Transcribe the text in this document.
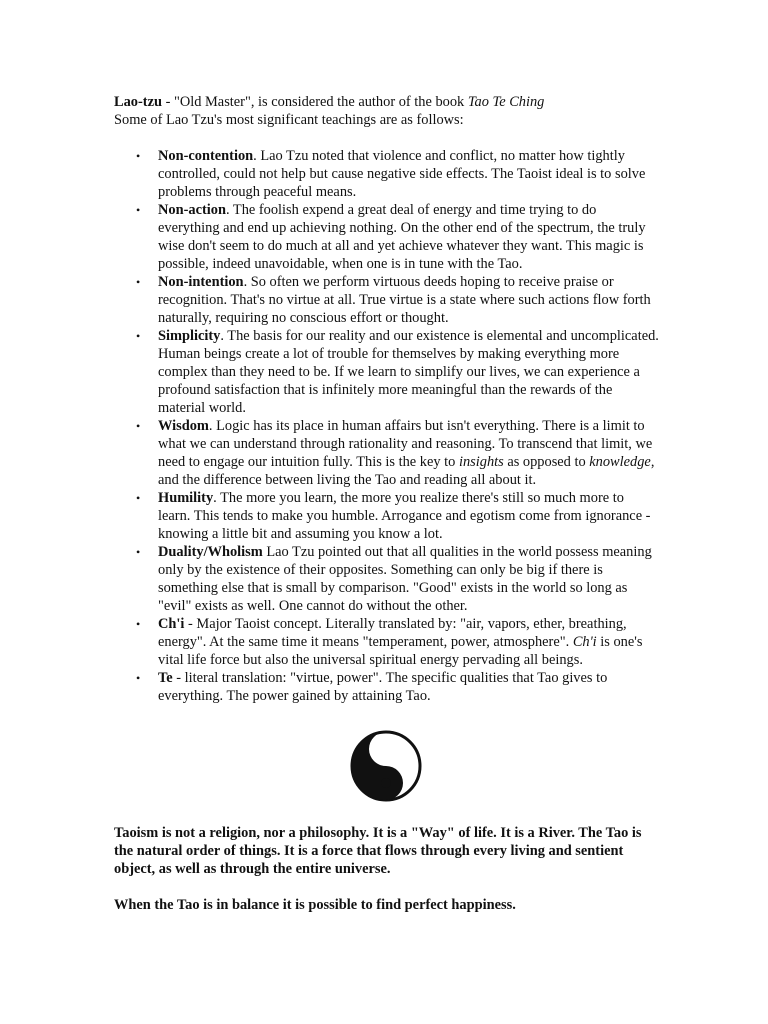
Lao-tzu - "Old Master", is considered the author of the book Tao Te Ching

Some of Lao Tzu's most significant teachings are as follows:

• Non-contention. Lao Tzu noted that violence and conflict, no matter how tightly controlled, could not help but cause negative side effects. The Taoist ideal is to solve problems through peaceful means.
• Non-action. The foolish expend a great deal of energy and time trying to do everything and end up achieving nothing. On the other end of the spectrum, the truly wise don't seem to do much at all and yet achieve whatever they want. This magic is possible, indeed unavoidable, when one is in tune with the Tao.
• Non-intention. So often we perform virtuous deeds hoping to receive praise or recognition. That's no virtue at all. True virtue is a state where such actions flow forth naturally, requiring no conscious effort or thought.
• Simplicity. The basis for our reality and our existence is elemental and uncomplicated. Human beings create a lot of trouble for themselves by making everything more complex than they need to be. If we learn to simplify our lives, we can experience a profound satisfaction that is infinitely more meaningful than the rewards of the material world.
• Wisdom. Logic has its place in human affairs but isn't everything. There is a limit to what we can understand through rationality and reasoning. To transcend that limit, we need to engage our intuition fully. This is the key to insights as opposed to knowledge, and the difference between living the Tao and reading all about it.
• Humility. The more you learn, the more you realize there's still so much more to learn. This tends to make you humble. Arrogance and egotism come from ignorance - knowing a little bit and assuming you know a lot.
• Duality/Wholism Lao Tzu pointed out that all qualities in the world possess meaning only by the existence of their opposites. Something can only be big if there is something else that is small by comparison. "Good" exists in the world so long as "evil" exists as well. One cannot do without the other.
• Ch'i - Major Taoist concept. Literally translated by: "air, vapors, ether, breathing, energy". At the same time it means "temperament, power, atmosphere". Ch'i is one's vital life force but also the universal spiritual energy pervading all beings.
• Te - literal translation: "virtue, power". The specific qualities that Tao gives to everything. The power gained by attaining Tao.

Taoism is not a religion, nor a philosophy. It is a "Way" of life. It is a River. The Tao is the natural order of things. It is a force that flows through every living and sentient object, as well as through the entire universe.

When the Tao is in balance it is possible to find perfect happiness.
